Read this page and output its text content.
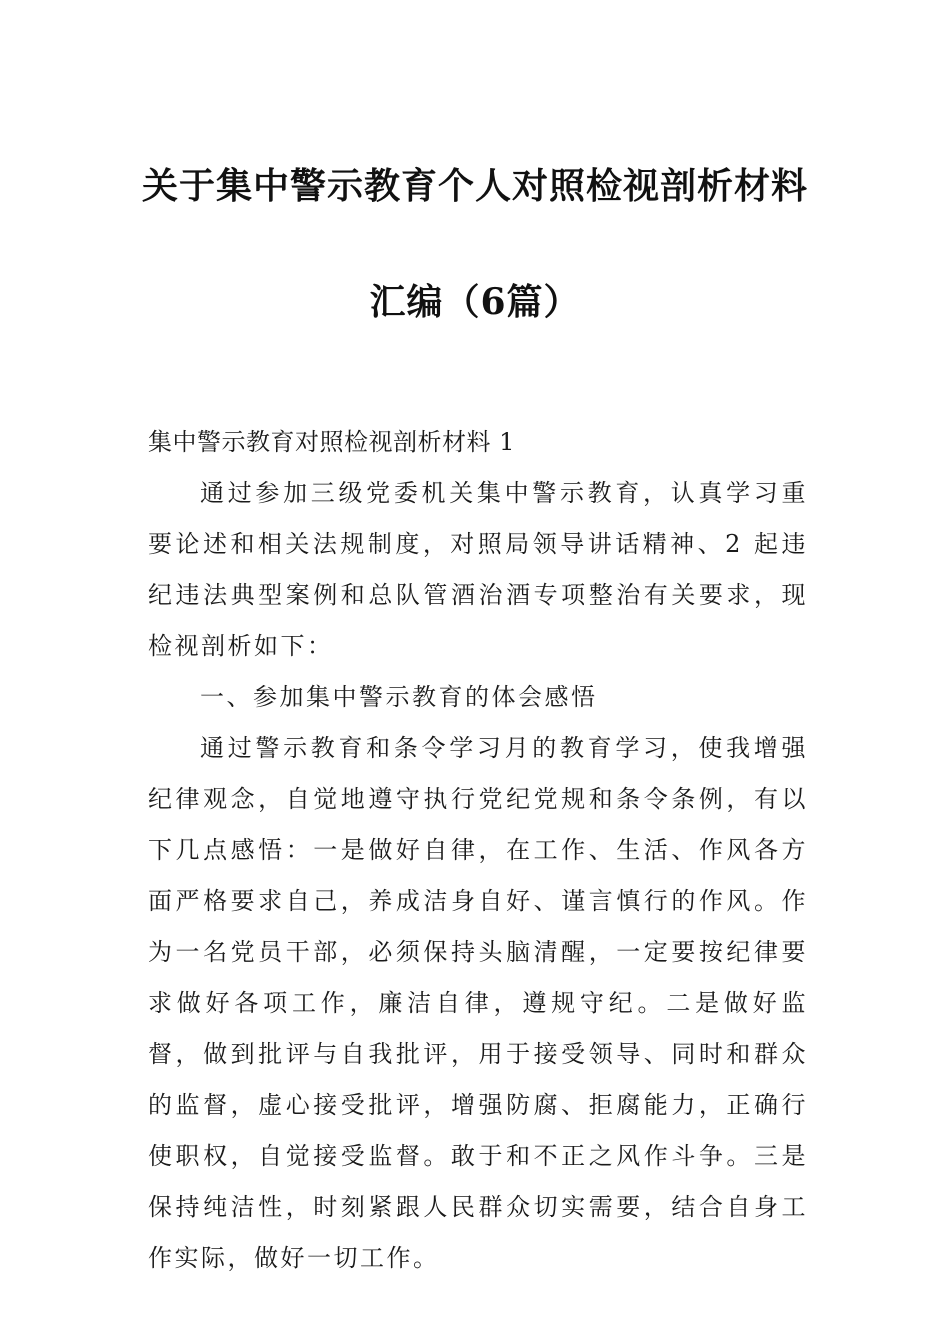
关于集中警示教育个人对照检视剖析材料
汇编（6篇）

集中警示教育对照检视剖析材料 1

通过参加三级党委机关集中警示教育，认真学习重要论述和相关法规制度，对照局领导讲话精神、2 起违纪违法典型案例和总队管酒治酒专项整治有关要求，现检视剖析如下：

一、参加集中警示教育的体会感悟

通过警示教育和条令学习月的教育学习，使我增强纪律观念，自觉地遵守执行党纪党规和条令条例，有以下几点感悟：一是做好自律，在工作、生活、作风各方面严格要求自己，养成洁身自好、谨言慎行的作风。作为一名党员干部，必须保持头脑清醒，一定要按纪律要求做好各项工作，廉洁自律，遵规守纪。二是做好监督，做到批评与自我批评，用于接受领导、同时和群众的监督，虚心接受批评，增强防腐、拒腐能力，正确行使职权，自觉接受监督。敢于和不正之风作斗争。三是保持纯洁性，时刻紧跟人民群众切实需要，结合自身工作实际，做好一切工作。
